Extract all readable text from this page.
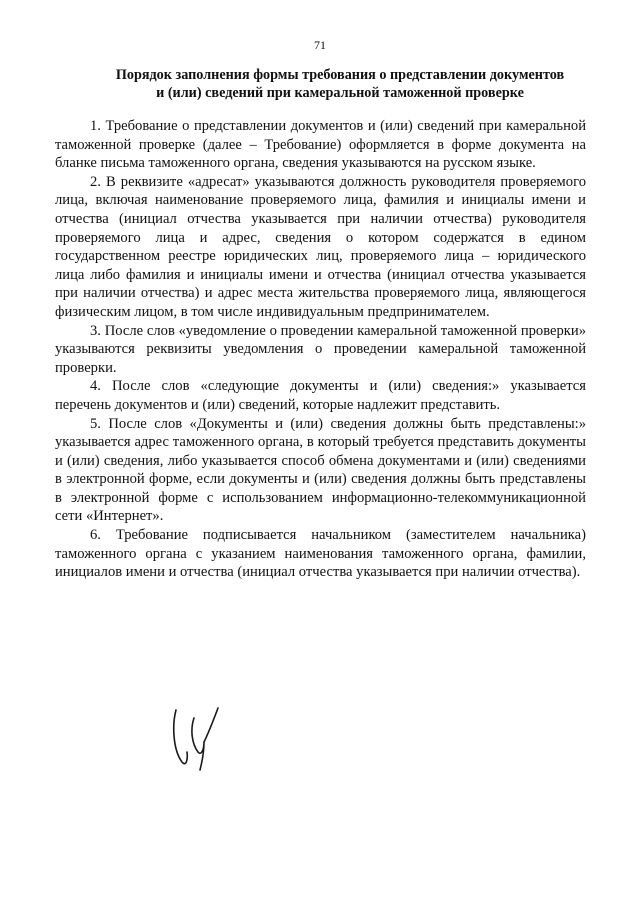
71
Порядок заполнения формы требования о представлении документов
и (или) сведений при камеральной таможенной проверке

1. Требование о представлении документов и (или) сведений при камеральной таможенной проверке (далее – Требование) оформляется в форме документа на бланке письма таможенного органа, сведения указываются на русском языке.

2. В реквизите «адресат» указываются должность руководителя проверяемого лица, включая наименование проверяемого лица, фамилия и инициалы имени и отчества (инициал отчества указывается при наличии отчества) руководителя проверяемого лица и адрес, сведения о котором содержатся в едином государственном реестре юридических лиц, проверяемого лица – юридического лица либо фамилия и инициалы имени и отчества (инициал отчества указывается при наличии отчества) и адрес места жительства проверяемого лица, являющегося физическим лицом, в том числе индивидуальным предпринимателем.

3. После слов «уведомление о проведении камеральной таможенной проверки» указываются реквизиты уведомления о проведении камеральной таможенной проверки.

4. После слов «следующие документы и (или) сведения:» указывается перечень документов и (или) сведений, которые надлежит представить.

5. После слов «Документы и (или) сведения должны быть представлены:» указывается адрес таможенного органа, в который требуется представить документы и (или) сведения, либо указывается способ обмена документами и (или) сведениями в электронной форме, если документы и (или) сведения должны быть представлены в электронной форме с использованием информационно-телекоммуникационной сети «Интернет».

6. Требование подписывается начальником (заместителем начальника) таможенного органа с указанием наименования таможенного органа, фамилии, инициалов имени и отчества (инициал отчества указывается при наличии отчества).
